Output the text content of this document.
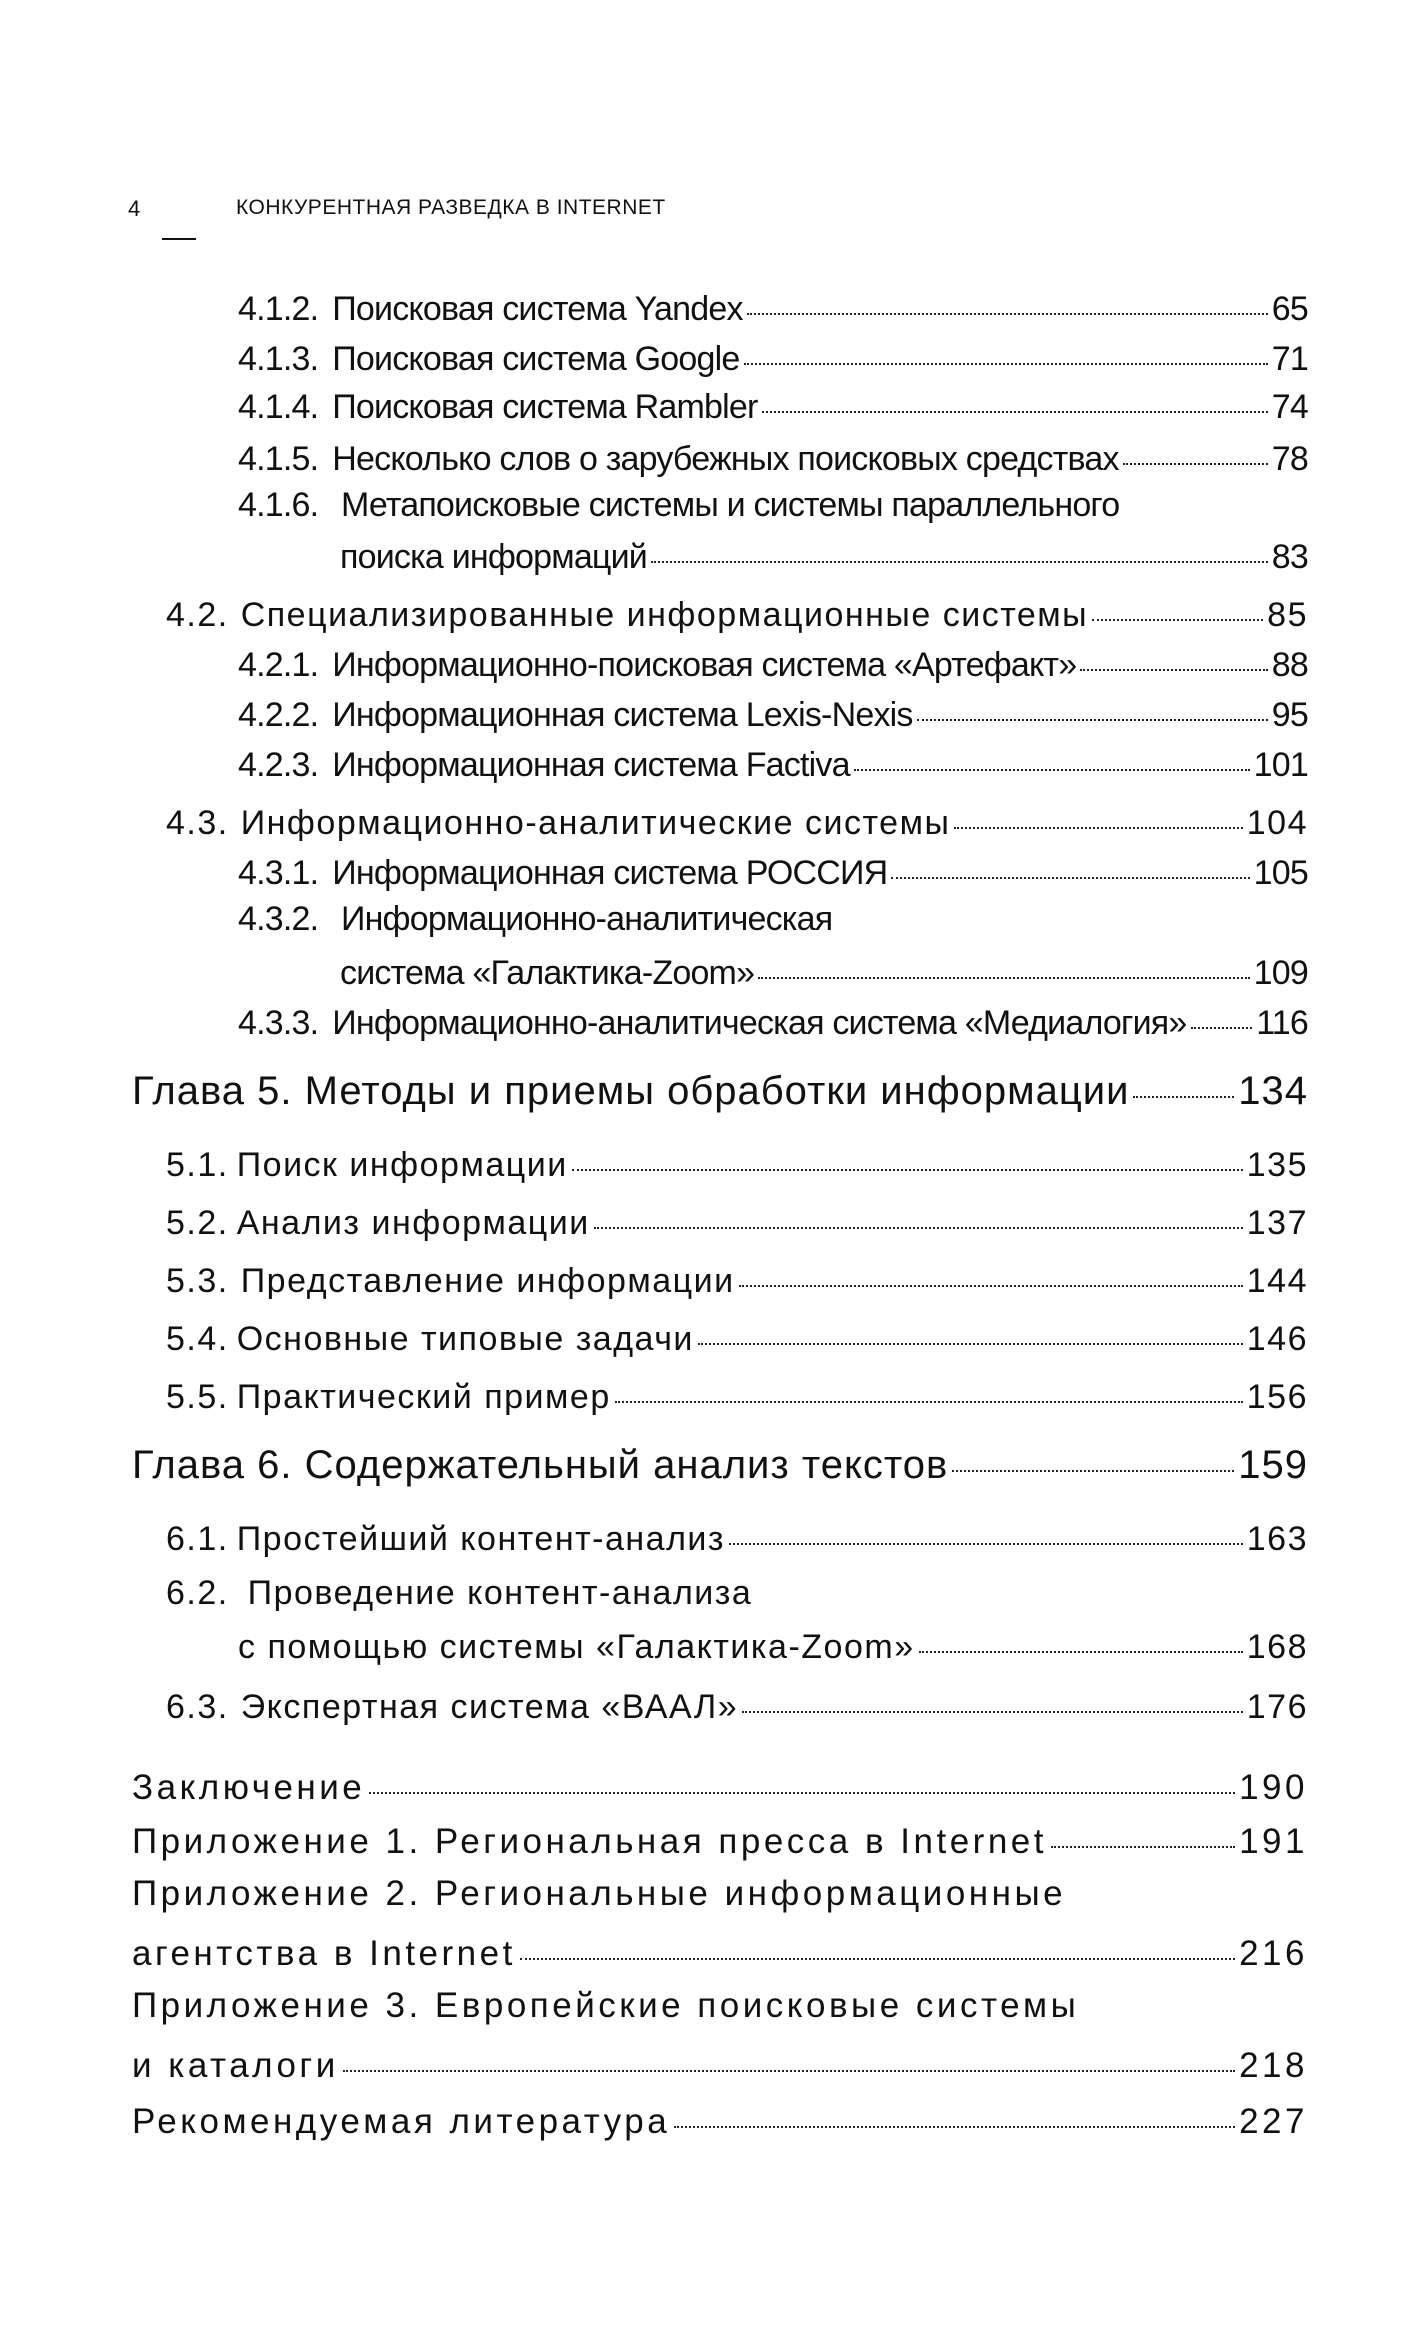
4	КОНКУРЕНТНАЯ РАЗВЕДКА В INTERNET
4.1.2. Поисковая система Yandex	65
4.1.3. Поисковая система Google	71
4.1.4. Поисковая система Rambler	74
4.1.5. Несколько слов о зарубежных поисковых средствах	78
4.1.6. Метапоисковые системы и системы параллельного
поиска информаций	83
4.2. Специализированные информационные системы	85
4.2.1. Информационно-поисковая система «Артефакт»	88
4.2.2. Информационная система Lexis-Nexis	95
4.2.3. Информационная система Factiva	101
4.3. Информационно-аналитические системы	104
4.3.1. Информационная система РОССИЯ	105
4.3.2. Информационно-аналитическая
система «Галактика-Zoom»	109
4.3.3. Информационно-аналитическая система «Медиалогия» 116
Глава 5. Методы и приемы обработки информации	134
5.1. Поиск информации	135
5.2. Анализ информации	137
5.3. Представление информации	144
5.4. Основные типовые задачи	146
5.5. Практический пример	156
Глава 6. Содержательный анализ текстов	159
6.1. Простейший контент-анализ	163
6.2. Проведение контент-анализа
с помощью системы «Галактика-Zoom»	168
6.3. Экспертная система «ВААЛ»	176
Заключение	190
Приложение 1. Региональная пресса в Internet	191
Приложение 2. Региональные информационные
агентства в Internet	216
Приложение 3. Европейские поисковые системы
и каталоги	218
Рекомендуемая литература	227
